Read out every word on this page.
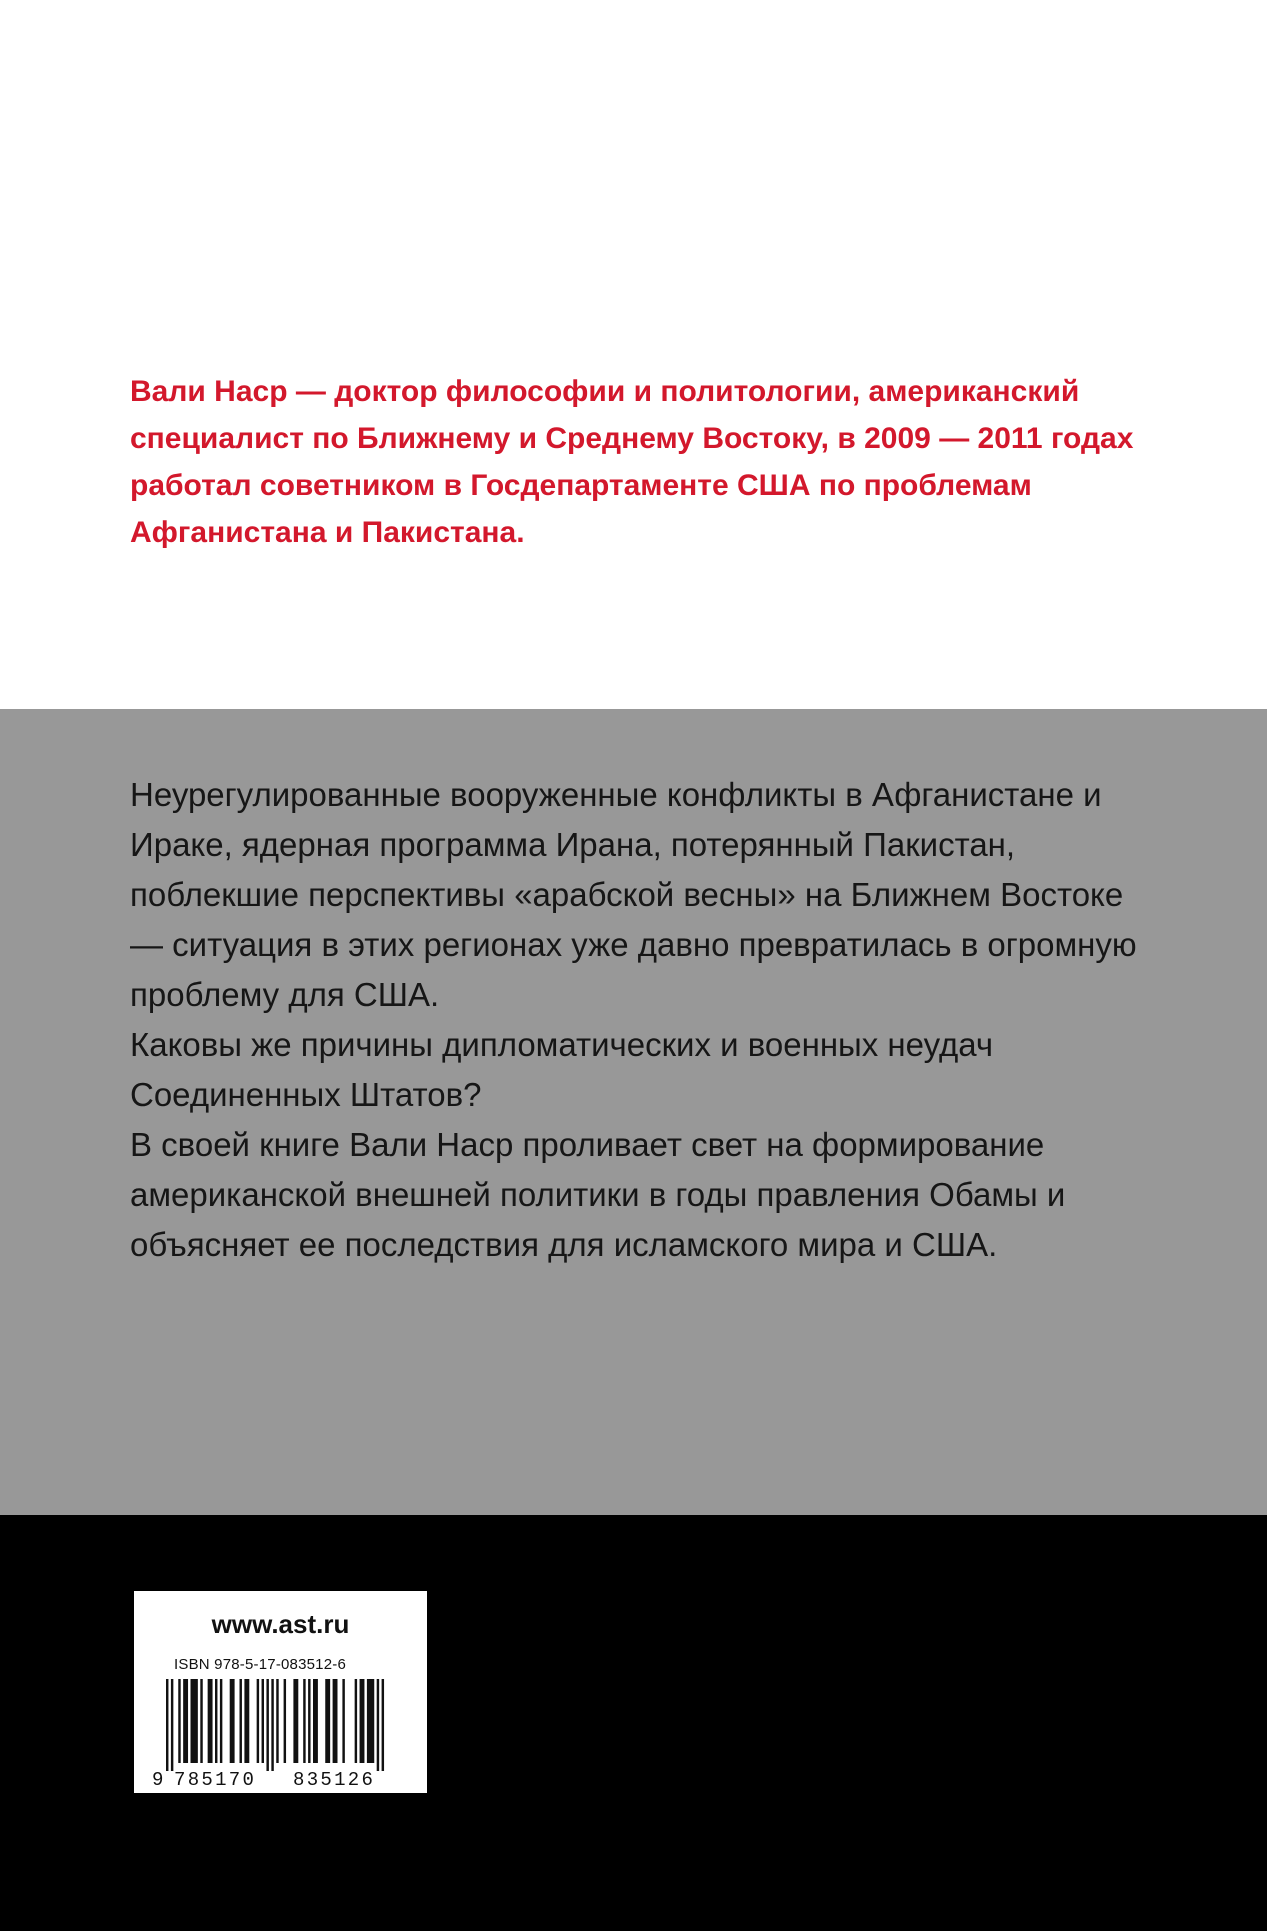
Вали Наср — доктор философии и политологии, американский специалист по Ближнему и Среднему Востоку, в 2009 — 2011 годах работал советником в Госдепартаменте США по проблемам Афганистана и Пакистана.

Неурегулированные вооруженные конфликты в Афганистане и Ираке, ядерная программа Ирана, потерянный Пакистан, поблекшие перспективы «арабской весны» на Ближнем Востоке — ситуация в этих регионах уже давно превратилась в огромную проблему для США.

Каковы же причины дипломатических и военных неудач Соединенных Штатов?

В своей книге Вали Наср проливает свет на формирование американской внешней политики в годы правления Обамы и объясняет ее последствия для исламского мира и США.

www.ast.ru
ISBN 978-5-17-083512-6
9 785170 835126
